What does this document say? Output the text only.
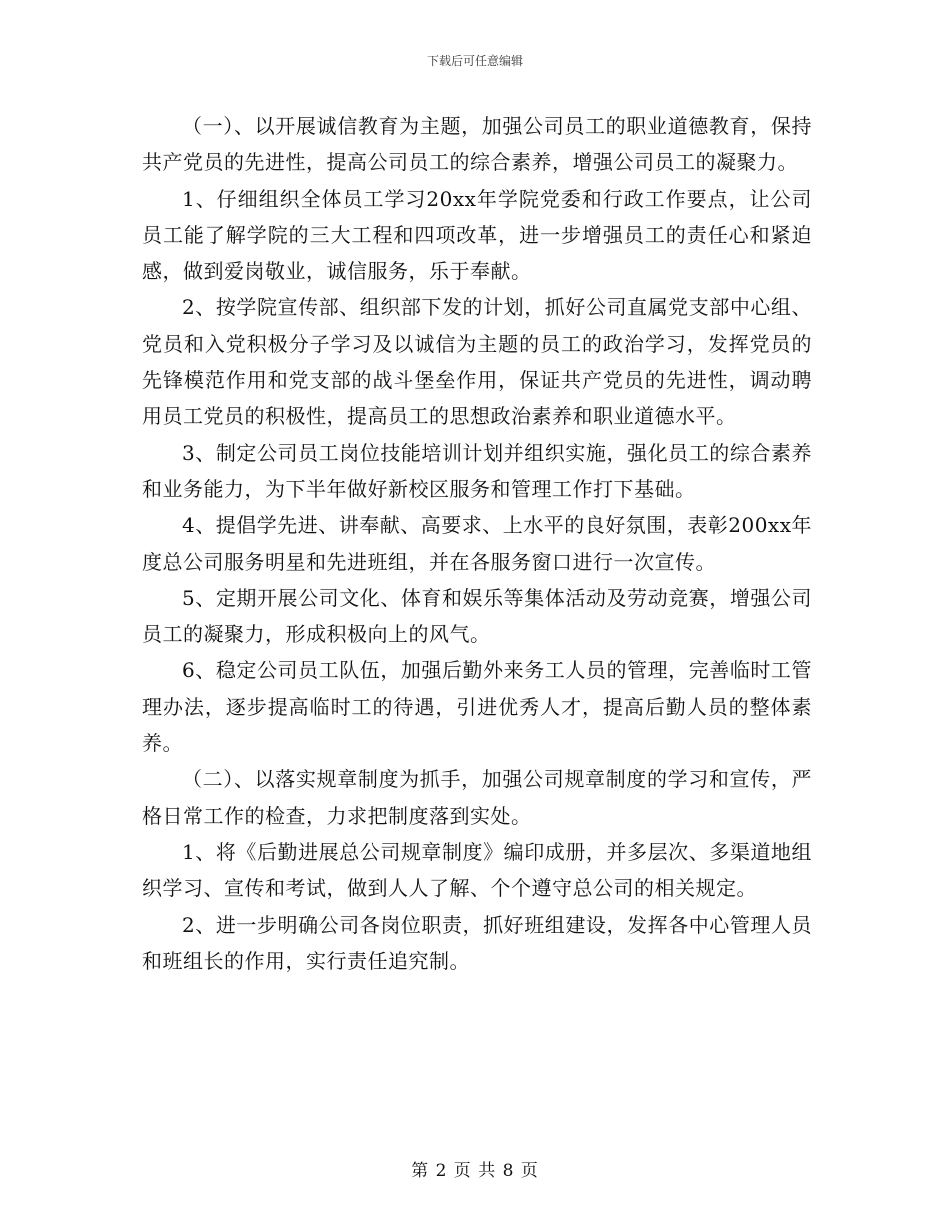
下载后可任意编辑

（一）、以开展诚信教育为主题，加强公司员工的职业道德教育，保持共产党员的先进性，提高公司员工的综合素养，增强公司员工的凝聚力。

1、仔细组织全体员工学习20xx年学院党委和行政工作要点，让公司员工能了解学院的三大工程和四项改革，进一步增强员工的责任心和紧迫感，做到爱岗敬业，诚信服务，乐于奉献。

2、按学院宣传部、组织部下发的计划，抓好公司直属党支部中心组、党员和入党积极分子学习及以诚信为主题的员工的政治学习，发挥党员的先锋模范作用和党支部的战斗堡垒作用，保证共产党员的先进性，调动聘用员工党员的积极性，提高员工的思想政治素养和职业道德水平。

3、制定公司员工岗位技能培训计划并组织实施，强化员工的综合素养和业务能力，为下半年做好新校区服务和管理工作打下基础。

4、提倡学先进、讲奉献、高要求、上水平的良好氛围，表彰200xx年度总公司服务明星和先进班组，并在各服务窗口进行一次宣传。

5、定期开展公司文化、体育和娱乐等集体活动及劳动竞赛，增强公司员工的凝聚力，形成积极向上的风气。

6、稳定公司员工队伍，加强后勤外来务工人员的管理，完善临时工管理办法，逐步提高临时工的待遇，引进优秀人才，提高后勤人员的整体素养。

（二）、以落实规章制度为抓手，加强公司规章制度的学习和宣传，严格日常工作的检查，力求把制度落到实处。

1、将《后勤进展总公司规章制度》编印成册，并多层次、多渠道地组织学习、宣传和考试，做到人人了解、个个遵守总公司的相关规定。

2、进一步明确公司各岗位职责，抓好班组建设，发挥各中心管理人员和班组长的作用，实行责任追究制。

第 2 页 共 8 页
